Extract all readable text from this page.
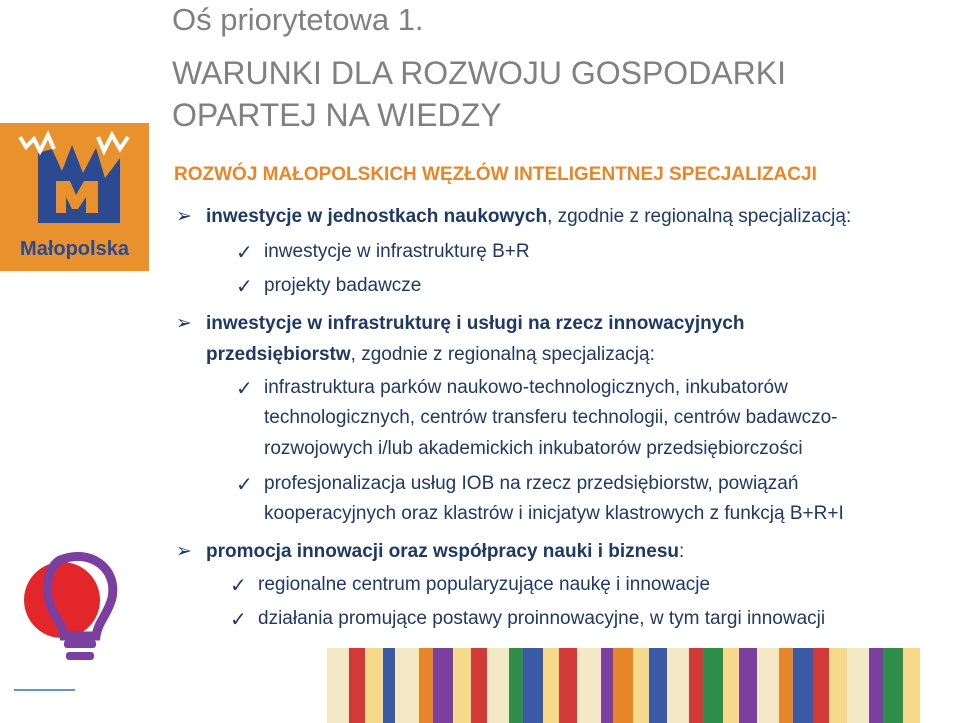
Oś priorytetowa 1.
WARUNKI DLA ROZWOJU GOSPODARKI
OPARTEJ NA WIEDZY
Małopolska
ROZWÓJ MAŁOPOLSKICH WĘZŁÓW INTELIGENTNEJ SPECJALIZACJI
➢ inwestycje w jednostkach naukowych, zgodnie z regionalną specjalizacją:
✓ inwestycje w infrastrukturę B+R
✓ projekty badawcze
➢ inwestycje w infrastrukturę i usługi na rzecz innowacyjnych
przedsiębiorstw, zgodnie z regionalną specjalizacją:
✓ infrastruktura parków naukowo-technologicznych, inkubatorów
technologicznych, centrów transferu technologii, centrów badawczo-
rozwojowych i/lub akademickich inkubatorów przedsiębiorczości
✓ profesjonalizacja usług IOB na rzecz przedsiębiorstw, powiązań
kooperacyjnych oraz klastrów i inicjatyw klastrowych z funkcją B+R+I
➢ promocja innowacji oraz współpracy nauki i biznesu:
✓ regionalne centrum popularyzujące naukę i innowacje
✓ działania promujące postawy proinnowacyjne, w tym targi innowacji
